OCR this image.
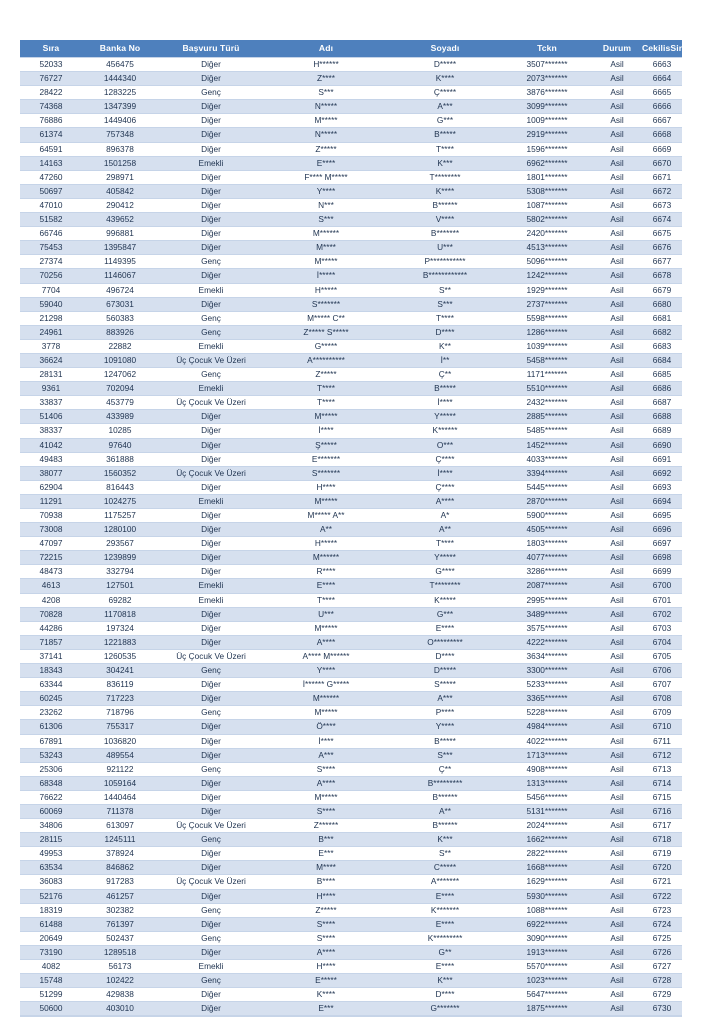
Sıra	Banka No	Başvuru Türü	Adı	Soyadı	Tckn	Durum	CekilisSiraNo
52033	456475	Diğer	H******	D*****	3507*******	Asil	6663
76727	1444340	Diğer	Z****	K****	2073*******	Asil	6664
28422	1283225	Genç	S***	Ç*****	3876*******	Asil	6665
74368	1347399	Diğer	N*****	A***	3099*******	Asil	6666
76886	1449406	Diğer	M*****	G***	1009*******	Asil	6667
61374	757348	Diğer	N*****	B*****	2919*******	Asil	6668
64591	896378	Diğer	Z*****	T****	1596*******	Asil	6669
14163	1501258	Emekli	E****	K***	6962*******	Asil	6670
47260	298971	Diğer	F**** M*****	T********	1801*******	Asil	6671
50697	405842	Diğer	Y****	K****	5308*******	Asil	6672
47010	290412	Diğer	N***	B******	1087*******	Asil	6673
51582	439652	Diğer	S***	V****	5802*******	Asil	6674
66746	996881	Diğer	M******	B*******	2420*******	Asil	6675
75453	1395847	Diğer	M****	U***	4513*******	Asil	6676
27374	1149395	Genç	M*****	P***********	5096*******	Asil	6677
70256	1146067	Diğer	İ*****	B************	1242*******	Asil	6678
7704	496724	Emekli	H*****	S**	1929*******	Asil	6679
59040	673031	Diğer	S*******	S***	2737*******	Asil	6680
21298	560383	Genç	M***** C**	T****	5598*******	Asil	6681
24961	883926	Genç	Z***** S*****	D****	1286*******	Asil	6682
3778	22882	Emekli	G*****	K**	1039*******	Asil	6683
36624	1091080	Üç Çocuk Ve Üzeri	A**********	İ**	5458*******	Asil	6684
28131	1247062	Genç	Z*****	Ç**	1171*******	Asil	6685
9361	702094	Emekli	T****	B*****	5510*******	Asil	6686
33837	453779	Üç Çocuk Ve Üzeri	T****	İ****	2432*******	Asil	6687
51406	433989	Diğer	M*****	Y*****	2885*******	Asil	6688
38337	10285	Diğer	İ****	K******	5485*******	Asil	6689
41042	97640	Diğer	Ş*****	O***	1452*******	Asil	6690
49483	361888	Diğer	E*******	Ç****	4033*******	Asil	6691
38077	1560352	Üç Çocuk Ve Üzeri	S*******	İ****	3394*******	Asil	6692
62904	816443	Diğer	H****	Ç****	5445*******	Asil	6693
11291	1024275	Emekli	M*****	A****	2870*******	Asil	6694
70938	1175257	Diğer	M***** A**	A*	5900*******	Asil	6695
73008	1280100	Diğer	A**	A**	4505*******	Asil	6696
47097	293567	Diğer	H*****	T****	1803*******	Asil	6697
72215	1239899	Diğer	M******	Y*****	4077*******	Asil	6698
48473	332794	Diğer	R****	G****	3286*******	Asil	6699
4613	127501	Emekli	E****	T********	2087*******	Asil	6700
4208	69282	Emekli	T****	K*****	2995*******	Asil	6701
70828	1170818	Diğer	U***	G***	3489*******	Asil	6702
44286	197324	Diğer	M*****	E****	3575*******	Asil	6703
71857	1221883	Diğer	A****	O*********	4222*******	Asil	6704
37141	1260535	Üç Çocuk Ve Üzeri	A**** M******	D****	3634*******	Asil	6705
18343	304241	Genç	Y****	D*****	3300*******	Asil	6706
63344	836119	Diğer	İ****** G*****	S*****	5233*******	Asil	6707
60245	717223	Diğer	M******	A***	3365*******	Asil	6708
23262	718796	Genç	M*****	P****	5228*******	Asil	6709
61306	755317	Diğer	Ö****	Y****	4984*******	Asil	6710
67891	1036820	Diğer	İ****	B*****	4022*******	Asil	6711
53243	489554	Diğer	A***	S***	1713*******	Asil	6712
25306	921122	Genç	S****	Ç**	4908*******	Asil	6713
68348	1059164	Diğer	A****	B*********	1313*******	Asil	6714
76622	1440464	Diğer	M*****	B******	5456*******	Asil	6715
60069	711378	Diğer	S****	A**	5131*******	Asil	6716
34806	613097	Üç Çocuk Ve Üzeri	Z******	B******	2024*******	Asil	6717
28115	1245111	Genç	B***	K***	1662*******	Asil	6718
49953	378924	Diğer	E***	S**	2822*******	Asil	6719
63534	846862	Diğer	M****	C*****	1668*******	Asil	6720
36083	917283	Üç Çocuk Ve Üzeri	B****	A*******	1629*******	Asil	6721
52176	461257	Diğer	H****	E****	5930*******	Asil	6722
18319	302382	Genç	Z*****	K*******	1088*******	Asil	6723
61488	761397	Diğer	S****	E****	6922*******	Asil	6724
20649	502437	Genç	S****	K*********	3090*******	Asil	6725
73190	1289518	Diğer	A****	G**	1913*******	Asil	6726
4082	56173	Emekli	H****	E****	5570*******	Asil	6727
15748	102422	Genç	E*****	K***	1023*******	Asil	6728
51299	429838	Diğer	K****	D****	5647*******	Asil	6729
50600	403010	Diğer	E***	G*******	1875*******	Asil	6730
